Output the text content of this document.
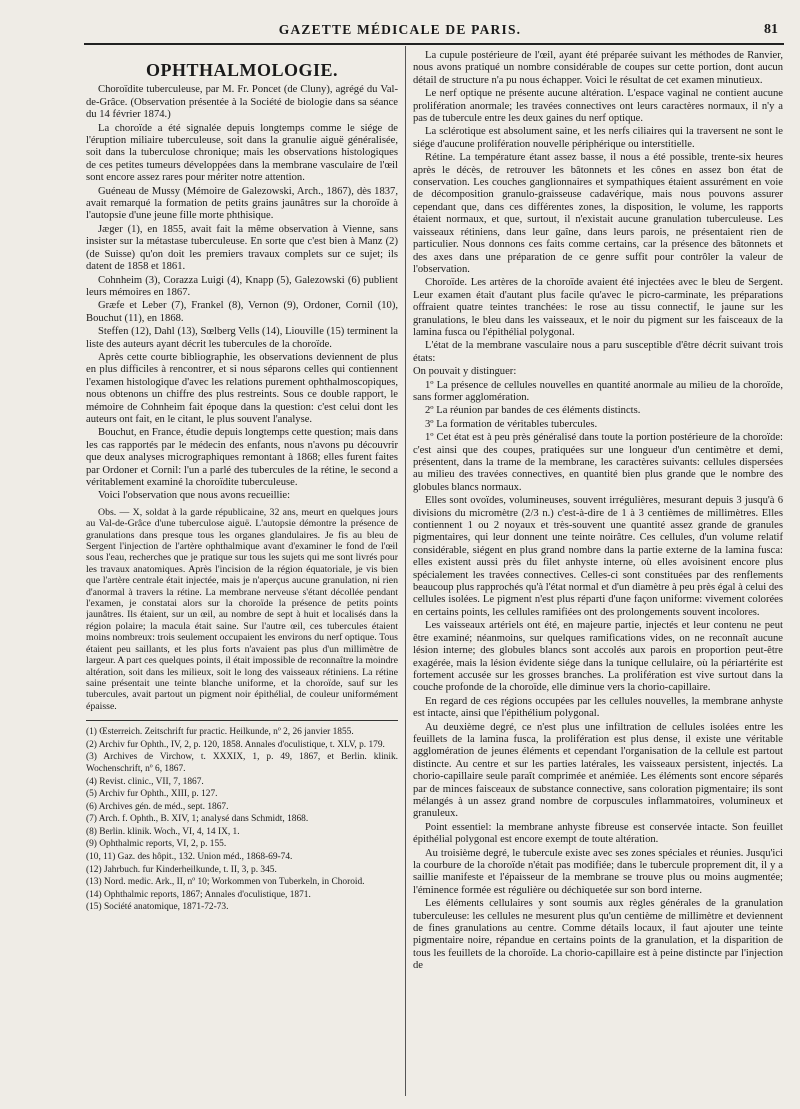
GAZETTE MÉDICALE DE PARIS.	81
OPHTHALMOLOGIE.

Choroïdite tuberculeuse, par M. Fr. Poncet (de Cluny), agrégé du Val-de-Grâce. (Observation présentée à la Société de biologie dans sa séance du 14 février 1874.)

La choroïde a été signalée depuis longtemps comme le siége de l'éruption miliaire tuberculeuse, soit dans la granulie aiguë généralisée, soit dans la tuberculose chronique; mais les observations histologiques de ces petites tumeurs développées dans la membrane vasculaire de l'œil sont encore assez rares pour mériter notre attention.

Guéneau de Mussy (Mémoire de Galezowski, Arch., 1867), dès 1837, avait remarqué la formation de petits grains jaunâtres sur la choroïde à l'autopsie d'une jeune fille morte phthisique.

Jæger (1), en 1855, avait fait la même observation à Vienne, sans insister sur la métastase tuberculeuse. En sorte que c'est bien à Manz (2) (de Suisse) qu'on doit les premiers travaux complets sur ce sujet; ils datent de 1858 et 1861.

Cohnheim (3), Corazza Luigi (4), Knapp (5), Galezowski (6) publient leurs mémoires en 1867.

Græfe et Leber (7), Frankel (8), Vernon (9), Ordoner, Cornil (10), Bouchut (11), en 1868.

Steffen (12), Dahl (13), Sœlberg Vells (14), Liouville (15) terminent la liste des auteurs ayant décrit les tubercules de la choroïde.

Après cette courte bibliographie, les observations deviennent de plus en plus difficiles à rencontrer, et si nous séparons celles qui contiennent l'examen histologique d'avec les relations purement ophthalmoscopiques, nous obtenons un chiffre des plus restreints. Sous ce double rapport, le mémoire de Cohnheim fait époque dans la question: c'est celui dont les auteurs ont fait, en le citant, le plus souvent l'analyse.

Bouchut, en France, étudie depuis longtemps cette question; mais dans les cas rapportés par le médecin des enfants, nous n'avons pu découvrir que deux analyses micrographiques remontant à 1868; elles furent faites par Ordoner et Cornil: l'un a parlé des tubercules de la rétine, le second a véritablement examiné la choroïdite tuberculeuse.

Voici l'observation que nous avons recueillie:

Obs. — X, soldat à la garde républicaine, 32 ans, meurt en quelques jours au Val-de-Grâce d'une tuberculose aiguë. L'autopsie démontre la présence de granulations dans presque tous les organes glandulaires. Je fis au bleu de Sergent l'injection de l'artère ophthalmique avant d'examiner le fond de l'œil sous l'eau, recherches que je pratique sur tous les sujets qui me sont livrés pour les travaux anatomiques. Après l'incision de la région équatoriale, je vis bien que l'artère centrale était injectée, mais je n'aperçus aucune granulation, ni rien d'anormal à travers la rétine. La membrane nerveuse s'étant décollée pendant l'examen, je constatai alors sur la choroïde la présence de petits points jaunâtres. Ils étaient, sur un œil, au nombre de sept à huit et localisés dans la région polaire; la macula était saine. Sur l'autre œil, ces tubercules étaient moins nombreux: trois seulement occupaient les environs du nerf optique. Tous étaient peu saillants, et les plus forts n'avaient pas plus d'un millimètre de largeur. A part ces quelques points, il était impossible de reconnaître la moindre altération, soit dans les milieux, soit le long des vaisseaux rétiniens. La rétine saine présentait une teinte blanche uniforme, et la choroïde, sauf sur les tubercules, avait partout un pigment noir épithélial, de couleur uniformément épaisse.

(1) Œsterreich. Zeitschrift fur practic. Heilkunde, nº 2, 26 janvier 1855.

(2) Archiv fur Ophth., IV, 2, p. 120, 1858. Annales d'oculistique, t. XLV, p. 179.

(3) Archives de Virchow, t. XXXIX, 1, p. 49, 1867, et Berlin. klinik. Wochenschrift, nº 6, 1867.

(4) Revist. clinic., VII, 7, 1867.

(5) Archiv fur Ophth., XIII, p. 127.

(6) Archives gén. de méd., sept. 1867.

(7) Arch. f. Ophth., B. XIV, 1; analysé dans Schmidt, 1868.

(8) Berlin. klinik. Woch., VI, 4, 14 IX, 1.

(9) Ophthalmic reports, VI, 2, p. 155.

(10, 11) Gaz. des hôpit., 132. Union méd., 1868-69-74.

(12) Jahrbuch. fur Kinderheilkunde, t. II, 3, p. 345.

(13) Nord. medic. Ark., II, nº 10; Workommen von Tuberkeln, in Choroid.

(14) Ophthalmic reports, 1867; Annales d'oculistique, 1871.

(15) Société anatomique, 1871-72-73.

La cupule postérieure de l'œil, ayant été préparée suivant les méthodes de Ranvier, nous avons pratiqué un nombre considérable de coupes sur cette portion, dont aucun détail de structure n'a pu nous échapper. Voici le résultat de cet examen minutieux.

Le nerf optique ne présente aucune altération. L'espace vaginal ne contient aucune prolifération anormale; les travées connectives ont leurs caractères normaux, il n'y a pas de tubercule entre les deux gaines du nerf optique.

La sclérotique est absolument saine, et les nerfs ciliaires qui la traversent ne sont le siége d'aucune prolifération nouvelle périphérique ou interstitielle.

Rétine. La température étant assez basse, il nous a été possible, trente-six heures après le décès, de retrouver les bâtonnets et les cônes en assez bon état de conservation. Les couches ganglionnaires et sympathiques étaient assurément en voie de décomposition granulo-graisseuse cadavérique, mais nous pouvons assurer cependant que, dans ces différentes zones, la disposition, le volume, les rapports étaient normaux, et que, surtout, il n'existait aucune granulation tuberculeuse. Les vaisseaux rétiniens, dans leur gaîne, dans leurs parois, ne présentaient rien de particulier. Nous donnons ces faits comme certains, car la présence des bâtonnets et des axes dans une préparation de ce genre suffit pour contrôler la valeur de l'observation.

Choroïde. Les artères de la choroïde avaient été injectées avec le bleu de Sergent. Leur examen était d'autant plus facile qu'avec le picro-carminate, les préparations offraient quatre teintes tranchées: le rose au tissu connectif, le jaune sur les granulations, le bleu dans les vaisseaux, et le noir du pigment sur les faisceaux de la lamina fusca ou l'épithélial polygonal.

L'état de la membrane vasculaire nous a paru susceptible d'être décrit suivant trois états:

On pouvait y distinguer:

1º La présence de cellules nouvelles en quantité anormale au milieu de la choroïde, sans former agglomération.

2º La réunion par bandes de ces éléments distincts.

3º La formation de véritables tubercules.

1º Cet état est à peu près généralisé dans toute la portion postérieure de la choroïde: c'est ainsi que des coupes, pratiquées sur une longueur d'un centimètre et demi, présentent, dans la trame de la membrane, les caractères suivants: cellules dispersées au milieu des travées connectives, en quantité bien plus grande que le nombre des globules blancs normaux.

Elles sont ovoïdes, volumineuses, souvent irrégulières, mesurant depuis 3 jusqu'à 6 divisions du micromètre (2/3 n.) c'est-à-dire de 1 à 3 centièmes de millimètres. Elles contiennent 1 ou 2 noyaux et très-souvent une quantité assez grande de granules pigmentaires, qui leur donnent une teinte noirâtre. Ces cellules, d'un volume relatif considérable, siégent en plus grand nombre dans la partie externe de la lamina fusca: elles existent aussi près du filet anhyste interne, où elles avoisinent encore plus spécialement les travées connectives. Celles-ci sont constituées par des renflements beaucoup plus rapprochés qu'à l'état normal et d'un diamètre à peu près égal à celui des cellules isolées. Le pigment n'est plus réparti d'une façon uniforme: vivement colorées en certains points, les cellules ramifiées ont des prolongements souvent incolores.

Les vaisseaux artériels ont été, en majeure partie, injectés et leur contenu ne peut être examiné; néanmoins, sur quelques ramifications vides, on ne reconnaît aucune lésion interne; des globules blancs sont accolés aux parois en proportion peut-être exagérée, mais la lésion évidente siége dans la tunique cellulaire, où la périartérite est fortement accusée sur les grosses branches. La prolifération est vive surtout dans la couche profonde de la choroïde, elle diminue vers la chorio-capillaire.

En regard de ces régions occupées par les cellules nouvelles, la membrane anhyste est intacte, ainsi que l'épithélium polygonal.

Au deuxième degré, ce n'est plus une infiltration de cellules isolées entre les feuillets de la lamina fusca, la prolifération est plus dense, il existe une véritable agglomération de jeunes éléments et cependant l'organisation de la cellule est partout distincte. Au centre et sur les parties latérales, les vaisseaux persistent, injectés. La chorio-capillaire seule paraît comprimée et anémiée. Les éléments sont encore séparés par de minces faisceaux de substance connective, sans coloration pigmentaire; ils sont mélangés à un assez grand nombre de corpuscules inflammatoires, volumineux et granuleux.

Point essentiel: la membrane anhyste fibreuse est conservée intacte. Son feuillet épithélial polygonal est encore exempt de toute altération.

Au troisième degré, le tubercule existe avec ses zones spéciales et réunies. Jusqu'ici la courbure de la choroïde n'était pas modifiée; dans le tubercule proprement dit, il y a saillie manifeste et l'épaisseur de la membrane se trouve plus ou moins augmentée; l'éminence formée est régulière ou déchiquetée sur son bord interne.

Les éléments cellulaires y sont soumis aux règles générales de la granulation tuberculeuse: les cellules ne mesurent plus qu'un centième de millimètre et deviennent de fines granulations au centre. Comme détails locaux, il faut ajouter une teinte pigmentaire noire, répandue en certains points de la granulation, et la disparition de tous les feuillets de la choroïde. La chorio-capillaire est à peine distincte par l'injection de
